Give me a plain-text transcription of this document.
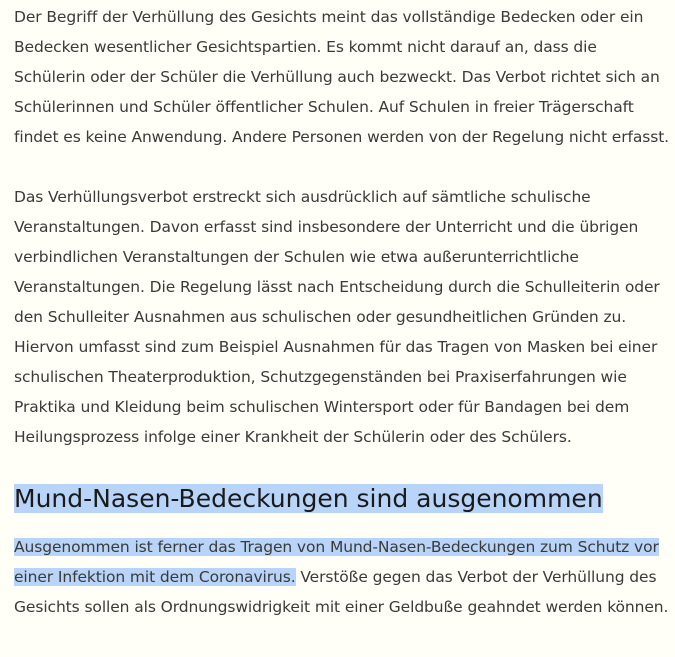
Der Begriff der Verhüllung des Gesichts meint das vollständige Bedecken oder ein Bedecken wesentlicher Gesichtspartien. Es kommt nicht darauf an, dass die Schülerin oder der Schüler die Verhüllung auch bezweckt. Das Verbot richtet sich an Schülerinnen und Schüler öffentlicher Schulen. Auf Schulen in freier Trägerschaft findet es keine Anwendung. Andere Personen werden von der Regelung nicht erfasst.

Das Verhüllungsverbot erstreckt sich ausdrücklich auf sämtliche schulische Veranstaltungen. Davon erfasst sind insbesondere der Unterricht und die übrigen verbindlichen Veranstaltungen der Schulen wie etwa außerunterrichtliche Veranstaltungen. Die Regelung lässt nach Entscheidung durch die Schulleiterin oder den Schulleiter Ausnahmen aus schulischen oder gesundheitlichen Gründen zu. Hiervon umfasst sind zum Beispiel Ausnahmen für das Tragen von Masken bei einer schulischen Theaterproduktion, Schutzgegenständen bei Praxiserfahrungen wie Praktika und Kleidung beim schulischen Wintersport oder für Bandagen bei dem Heilungsprozess infolge einer Krankheit der Schülerin oder des Schülers.

Mund-Nasen-Bedeckungen sind ausgenommen

Ausgenommen ist ferner das Tragen von Mund-Nasen-Bedeckungen zum Schutz vor einer Infektion mit dem Coronavirus. Verstöße gegen das Verbot der Verhüllung des Gesichts sollen als Ordnungswidrigkeit mit einer Geldbuße geahndet werden können.
